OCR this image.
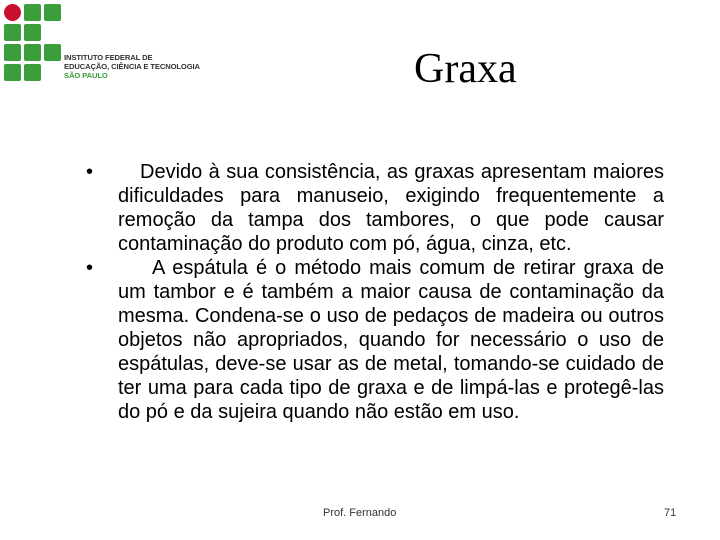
INSTITUTO FEDERAL DE
EDUCAÇÃO, CIÊNCIA E TECNOLOGIA
SÃO PAULO	Graxa
•	Devido à sua consistência, as graxas apresentam maiores dificuldades para manuseio, exigindo frequentemente a remoção da tampa dos tambores, o que pode causar contaminação do produto com pó, água, cinza, etc.
•	A espátula é o método mais comum de retirar graxa de um tambor e é também a maior causa de contaminação da mesma. Condena-se o uso de pedaços de madeira ou outros objetos não apropriados, quando for necessário o uso de espátulas, deve-se usar as de metal, tomando-se cuidado de ter uma para cada tipo de graxa e de limpá-las e protegê-las do pó e da sujeira quando não estão em uso.
Prof. Fernando	71
